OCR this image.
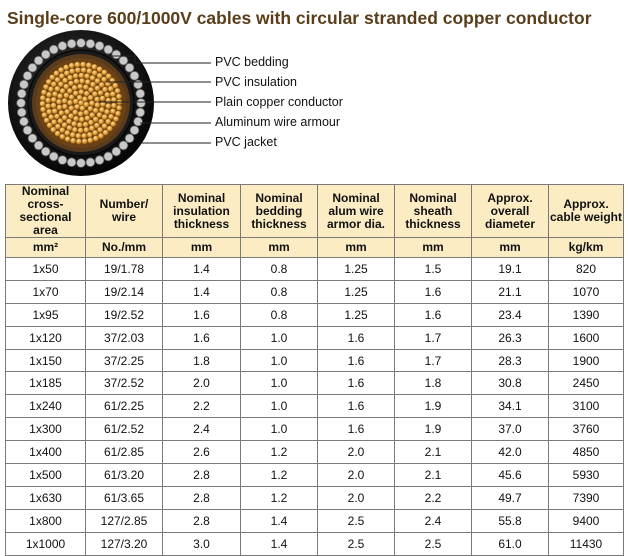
Single-core 600/1000V cables with circular stranded copper conductor
PVC bedding
PVC insulation
Plain copper conductor
Aluminum wire armour
PVC jacket
Nominal cross-sectional area	Number/ wire	Nominal insulation thickness	Nominal bedding thickness	Nominal alum wire armor dia.	Nominal sheath thickness	Approx. overall diameter	Approx. cable weight
mm²	No./mm	mm	mm	mm	mm	mm	kg/km
1x50	19/1.78	1.4	0.8	1.25	1.5	19.1	820
1x70	19/2.14	1.4	0.8	1.25	1.6	21.1	1070
1x95	19/2.52	1.6	0.8	1.25	1.6	23.4	1390
1x120	37/2.03	1.6	1.0	1.6	1.7	26.3	1600
1x150	37/2.25	1.8	1.0	1.6	1.7	28.3	1900
1x185	37/2.52	2.0	1.0	1.6	1.8	30.8	2450
1x240	61/2.25	2.2	1.0	1.6	1.9	34.1	3100
1x300	61/2.52	2.4	1.0	1.6	1.9	37.0	3760
1x400	61/2.85	2.6	1.2	2.0	2.1	42.0	4850
1x500	61/3.20	2.8	1.2	2.0	2.1	45.6	5930
1x630	61/3.65	2.8	1.2	2.0	2.2	49.7	7390
1x800	127/2.85	2.8	1.4	2.5	2.4	55.8	9400
1x1000	127/3.20	3.0	1.4	2.5	2.5	61.0	11430
